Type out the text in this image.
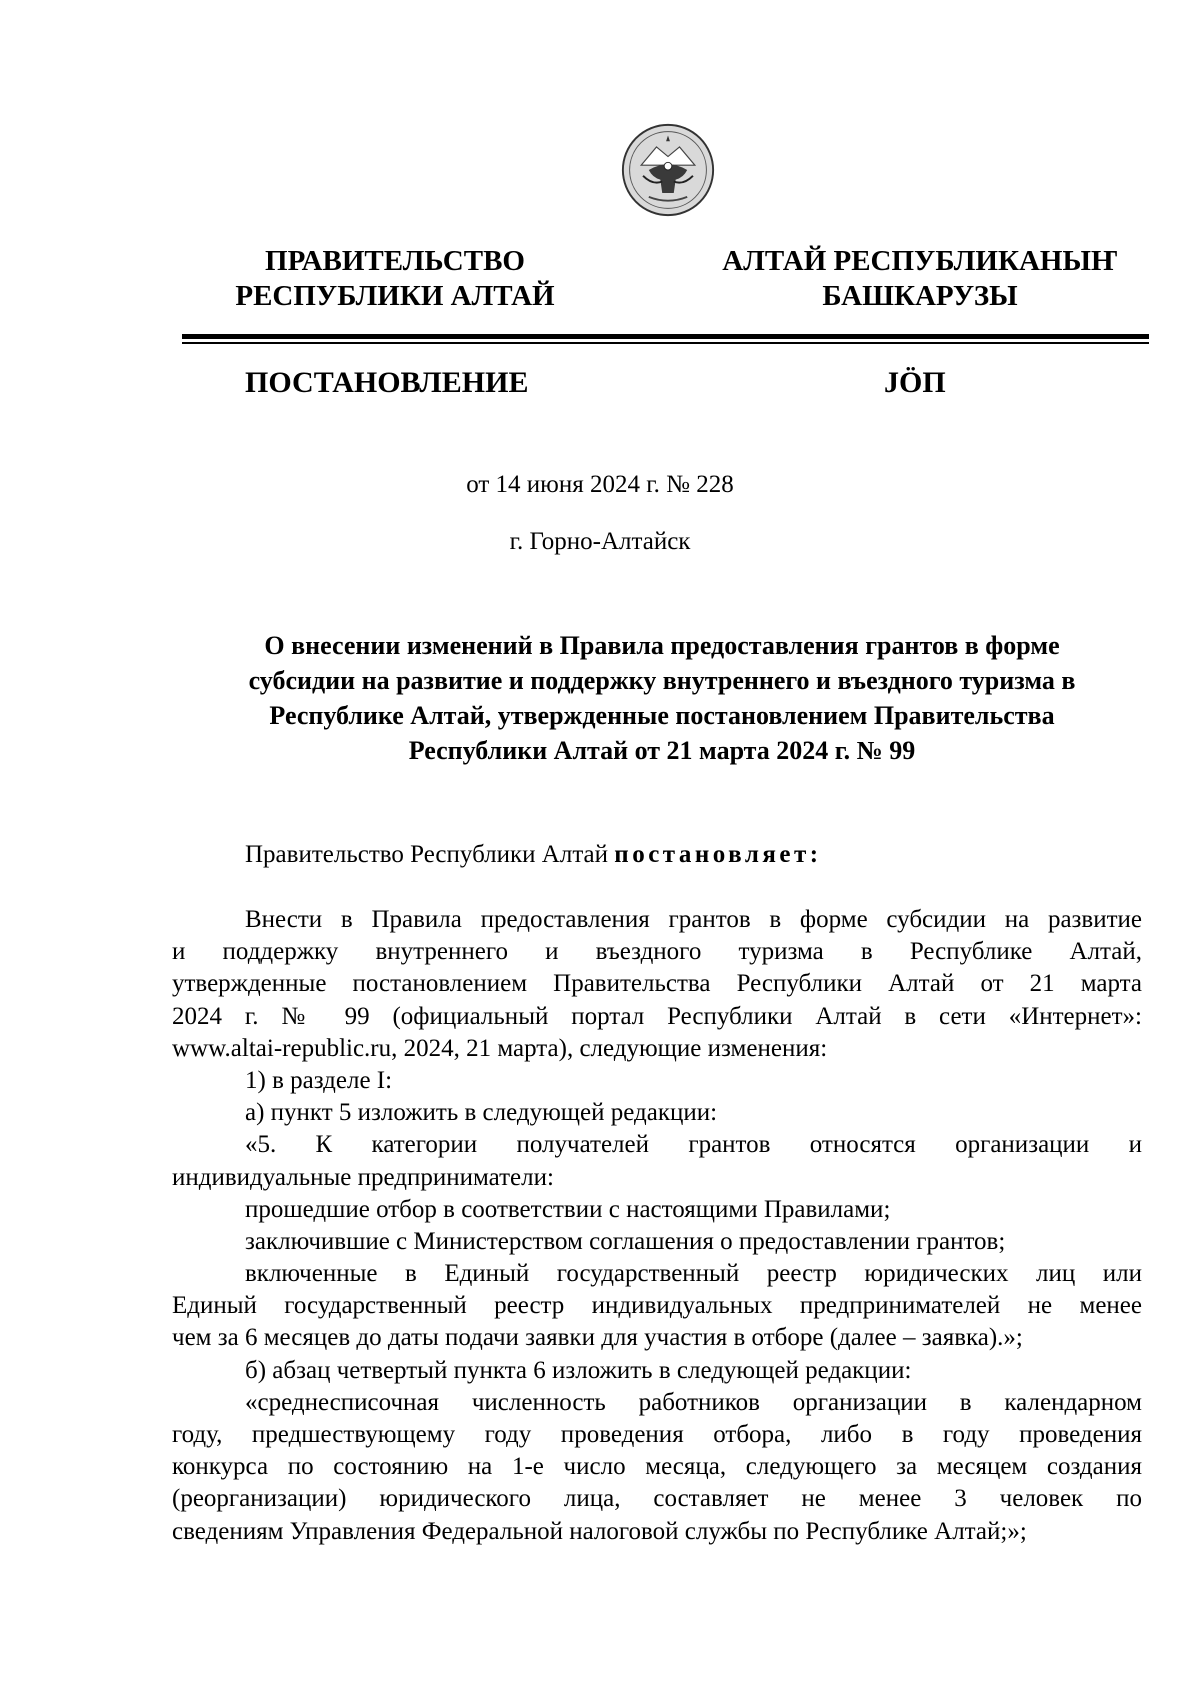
ПРАВИТЕЛЬСТВО
РЕСПУБЛИКИ АЛТАЙ
АЛТАЙ РЕСПУБЛИКАНЫҤ
БАШКАРУЗЫ
ПОСТАНОВЛЕНИЕ	JӦП
от 14 июня 2024 г. № 228
г. Горно-Алтайск
О внесении изменений в Правила предоставления грантов в форме
субсидии на развитие и поддержку внутреннего и въездного туризма в
Республике Алтай, утвержденные постановлением Правительства
Республики Алтай от 21 марта 2024 г. № 99
Правительство Республики Алтай постановляет:
Внести в Правила предоставления грантов в форме субсидии на развитие
и поддержку внутреннего и въездного туризма в Республике Алтай,
утвержденные постановлением Правительства Республики Алтай от 21 марта
2024 г. № 99 (официальный портал Республики Алтай в сети «Интернет»:
www.altai-republic.ru, 2024, 21 марта), следующие изменения:
1) в разделе I:
а) пункт 5 изложить в следующей редакции:
«5. К категории получателей грантов относятся организации и
индивидуальные предприниматели:
прошедшие отбор в соответствии с настоящими Правилами;
заключившие с Министерством соглашения о предоставлении грантов;
включенные в Единый государственный реестр юридических лиц или
Единый государственный реестр индивидуальных предпринимателей не менее
чем за 6 месяцев до даты подачи заявки для участия в отборе (далее – заявка).»;
б) абзац четвертый пункта 6 изложить в следующей редакции:
«среднесписочная численность работников организации в календарном
году, предшествующему году проведения отбора, либо в году проведения
конкурса по состоянию на 1-е число месяца, следующего за месяцем создания
(реорганизации) юридического лица, составляет не менее 3 человек по
сведениям Управления Федеральной налоговой службы по Республике Алтай;»;
